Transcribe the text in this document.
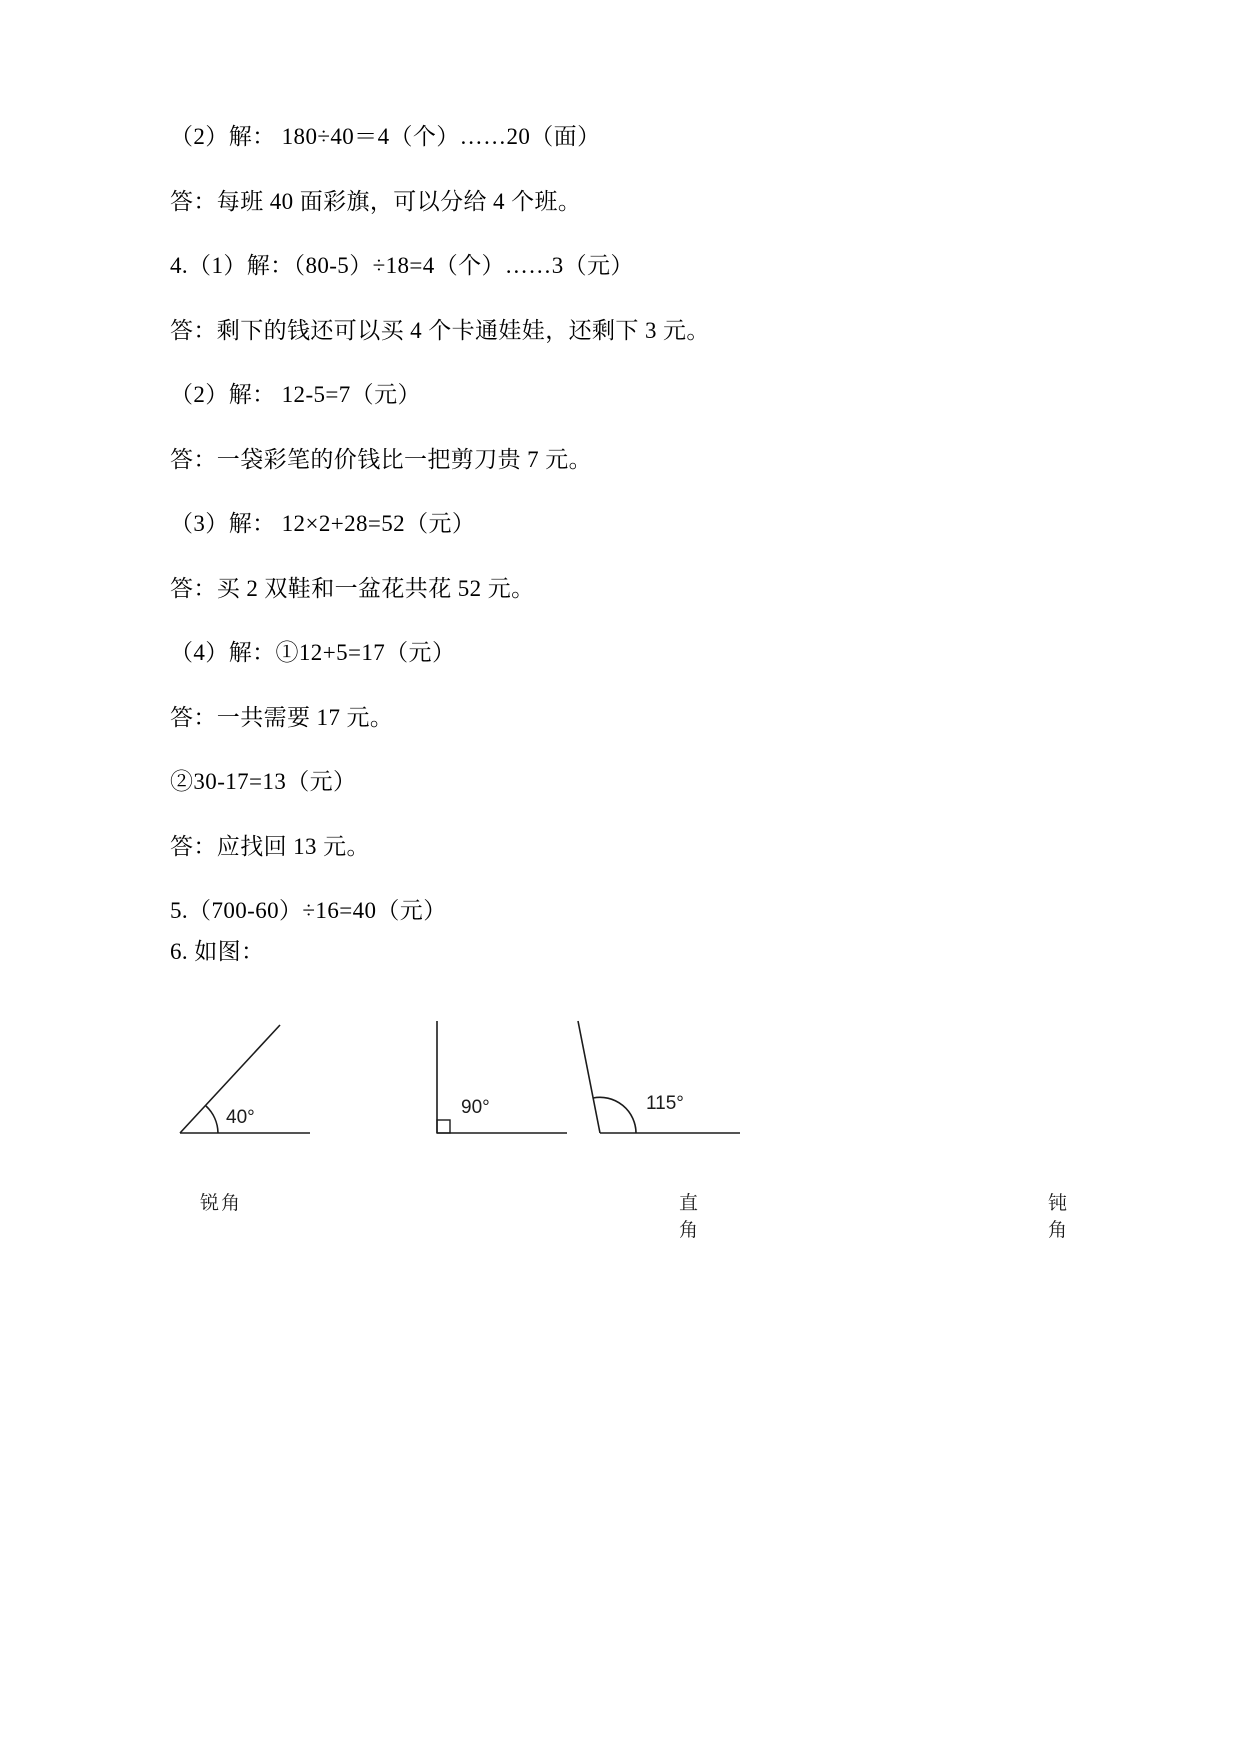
（2）解： 180÷40＝4（个）……20（面）

答：每班 40 面彩旗，可以分给 4 个班。

4.（1）解：（80-5）÷18=4（个）……3（元）

答：剩下的钱还可以买 4 个卡通娃娃，还剩下 3 元。

（2）解： 12-5=7（元）

答：一袋彩笔的价钱比一把剪刀贵 7 元。

（3）解： 12×2+28=52（元）

答：买 2 双鞋和一盆花共花 52 元。

（4）解：①12+5=17（元）

答：一共需要 17 元。

②30-17=13（元）

答：应找回 13 元。

5.（700-60）÷16=40（元）

6. 如图：

40°
锐角
90°
直角
115°
钝角
